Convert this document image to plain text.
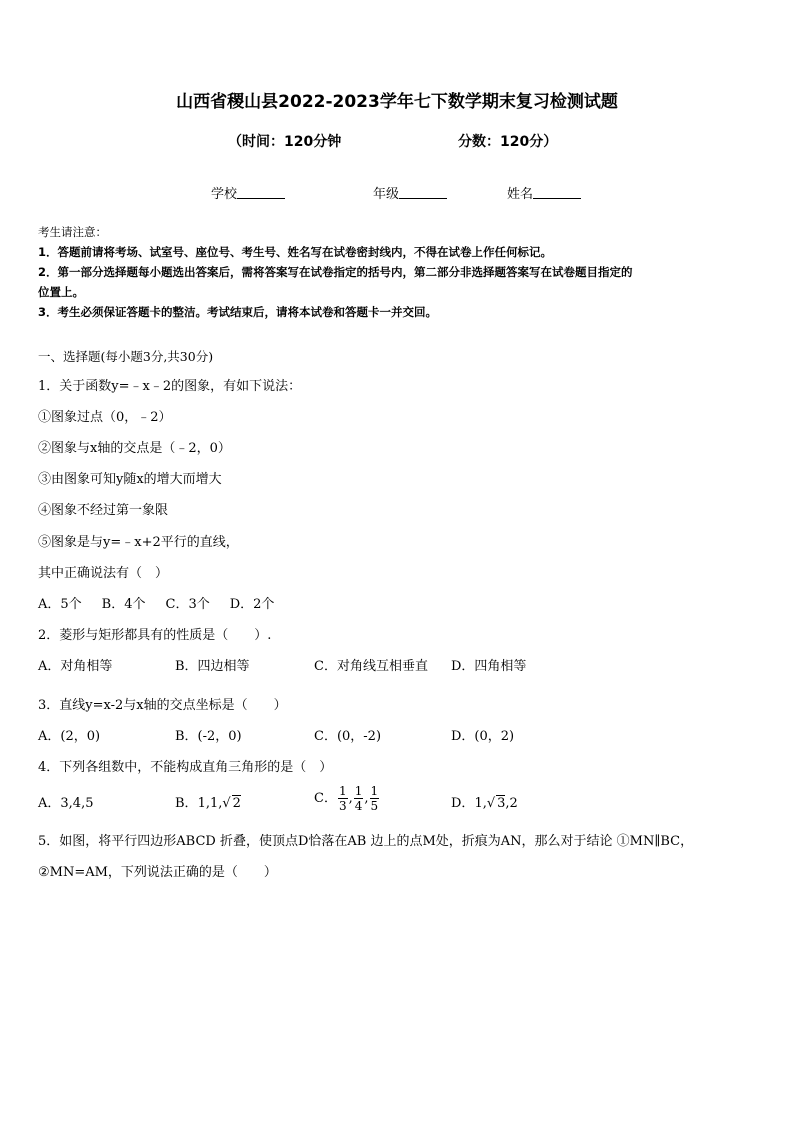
山西省稷山县2022-2023学年七下数学期末复习检测试题
（时间：120分钟	分数：120分）
学校	年级	姓名
考生请注意：
1．答题前请将考场、试室号、座位号、考生号、姓名写在试卷密封线内，不得在试卷上作任何标记。
2．第一部分选择题每小题选出答案后，需将答案写在试卷指定的括号内，第二部分非选择题答案写在试卷题目指定的
位置上。
3．考生必须保证答题卡的整洁。考试结束后，请将本试卷和答题卡一并交回。
一、选择题(每小题3分,共30分)
1．关于函数y=﹣x﹣2的图象，有如下说法：
①图象过点（0，﹣2）
②图象与x轴的交点是（﹣2，0）
③由图象可知y随x的增大而增大
④图象不经过第一象限
⑤图象是与y=﹣x+2平行的直线，
其中正确说法有（　）
A．5个 B．4个 C．3个 D．2个
2．菱形与矩形都具有的性质是（　　）.
A．对角相等	B．四边相等	C．对角线互相垂直 D．四角相等
3．直线y=x-2与x轴的交点坐标是（　　）
A．(2，0)	B．(-2，0)	C．(0，-2)	D．(0，2)
4．下列各组数中，不能构成直角三角形的是（　）
A．3,4,5	B．1,1,√ 2	C． $\frac{1}{3}$ , $\frac{1}{4}$ , $\frac{1}{5}$	D．1,√ 3,2
5．如图，将平行四边形ABCD 折叠，使顶点D恰落在AB 边上的点M处，折痕为AN，那么对于结论 ①MN∥BC，
②MN=AM，下列说法正确的是（　　）
